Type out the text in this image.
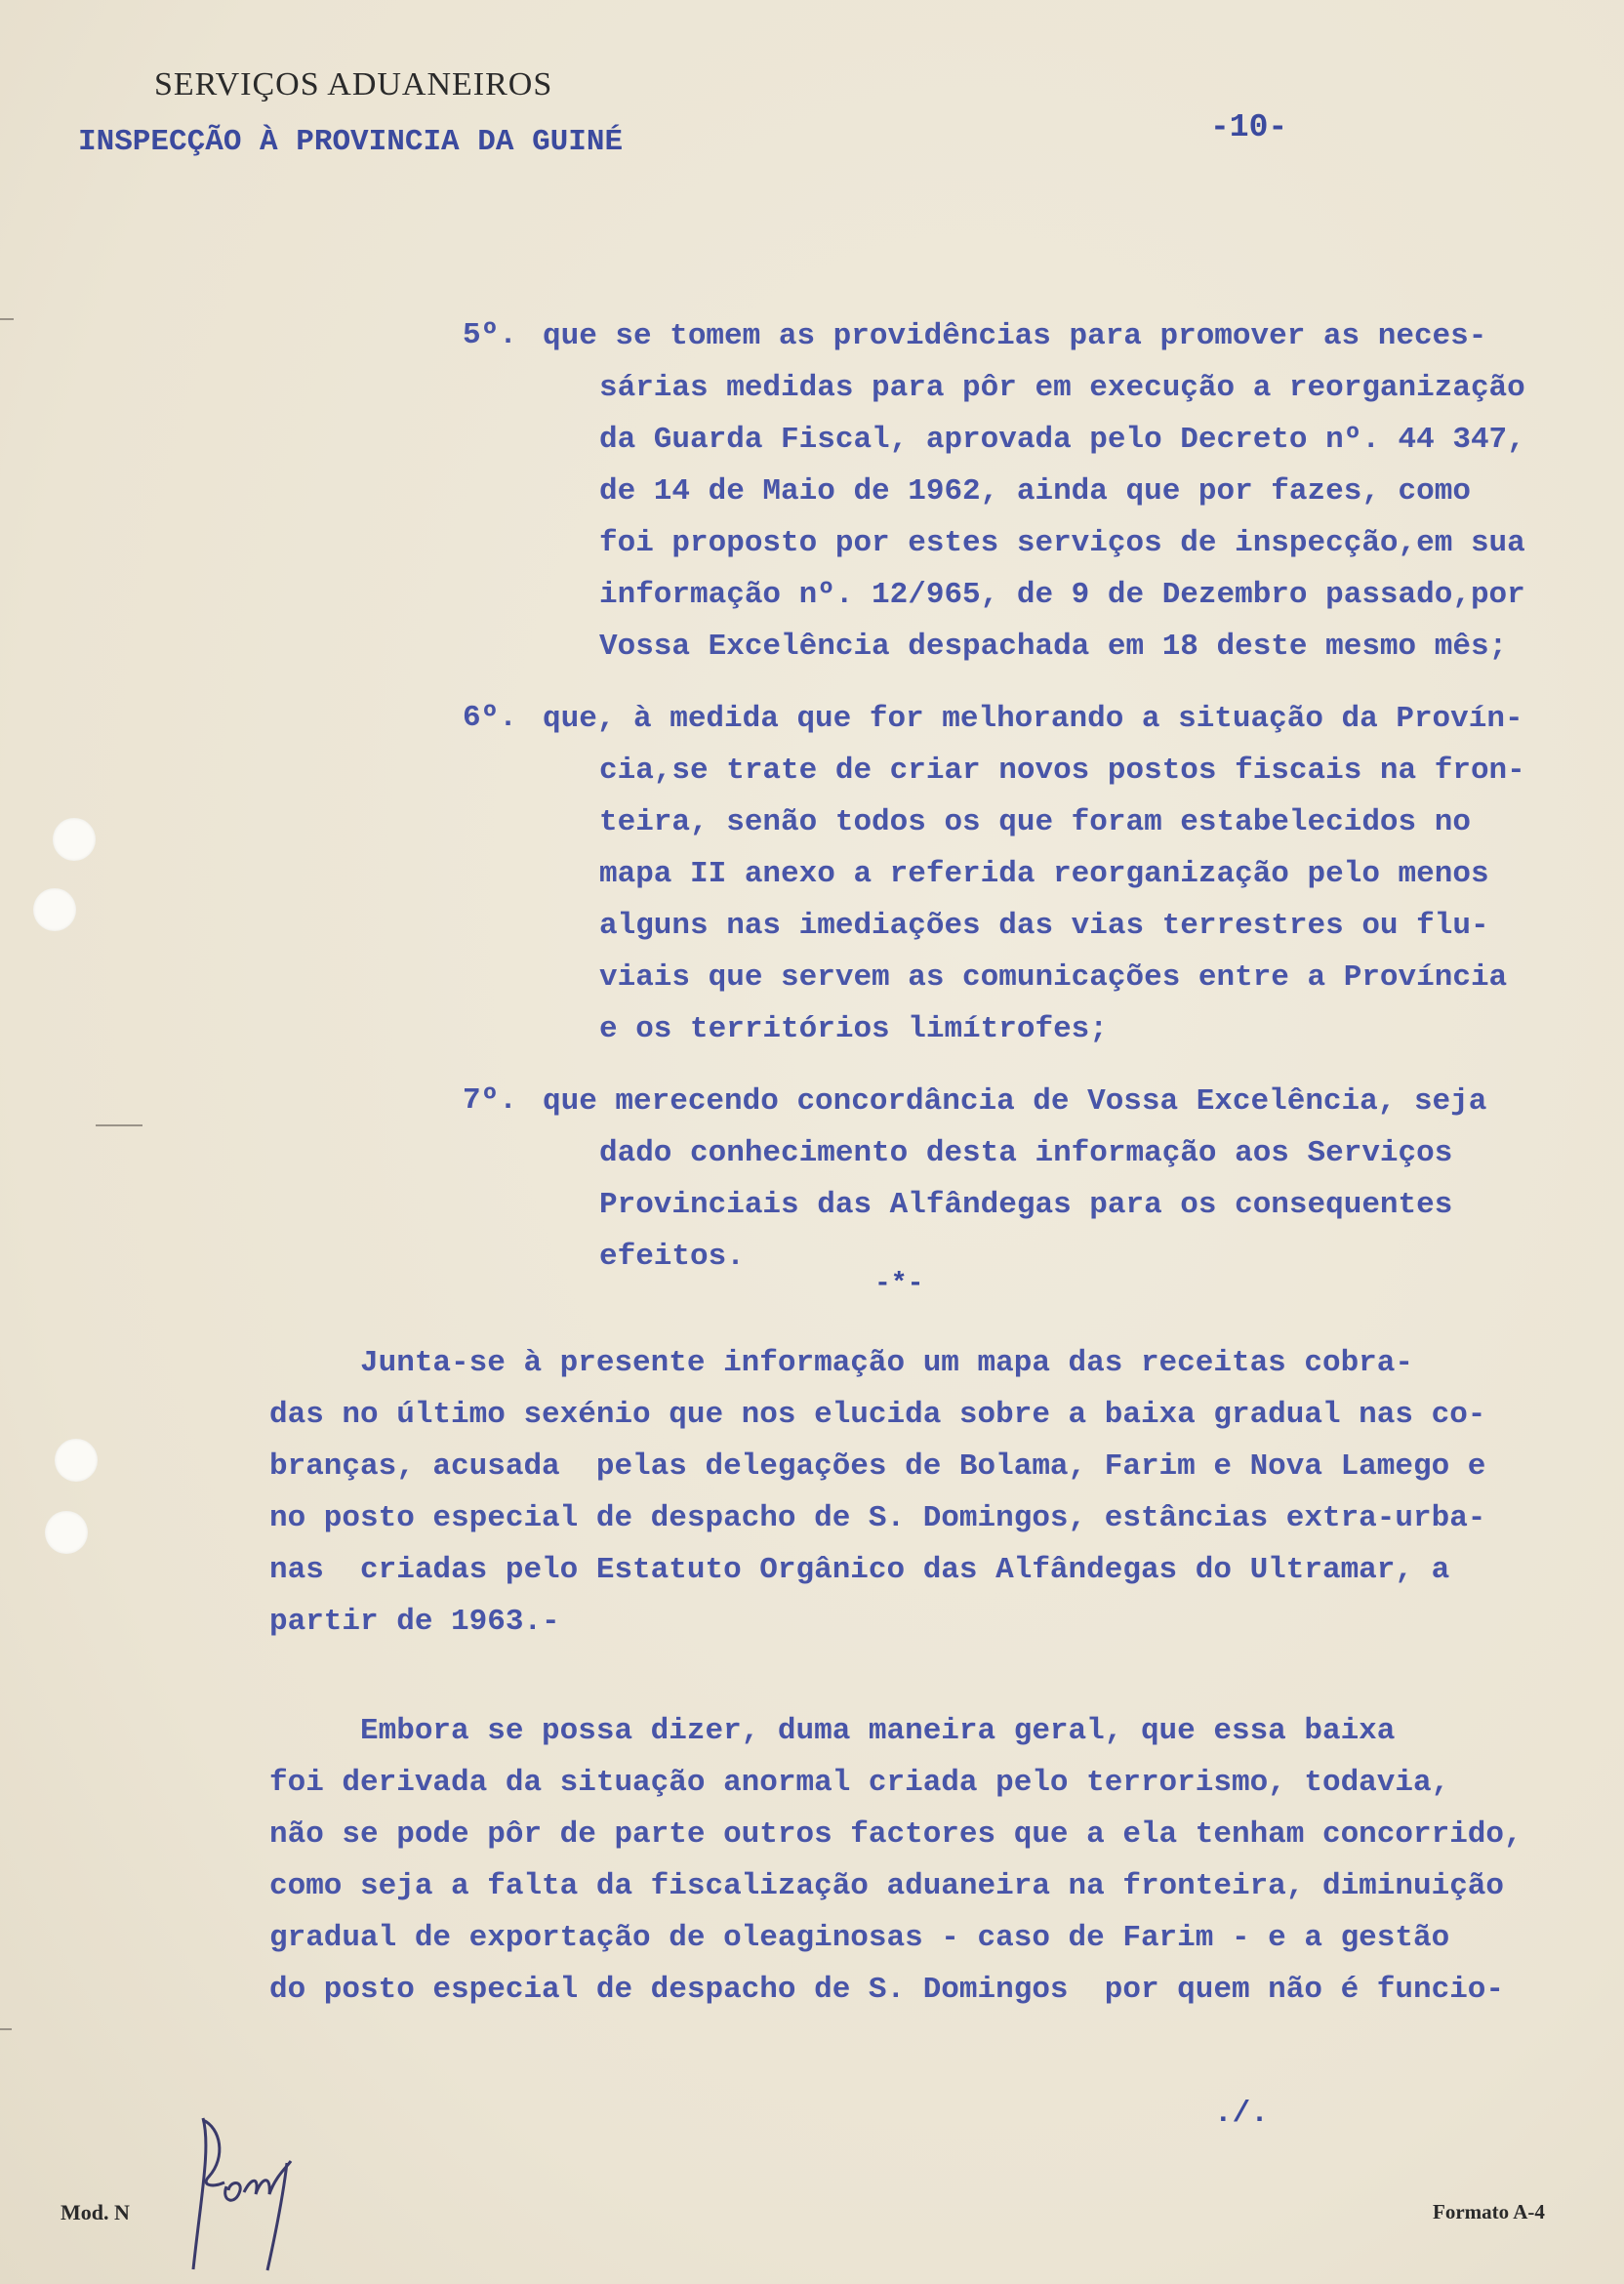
SERVIÇOS ADUANEIROS
INSPECÇÃO À PROVINCIA DA GUINÉ	-10-
5º. que se tomem as providências para promover as neces-
sárias medidas para pôr em execução a reorganização
da Guarda Fiscal, aprovada pelo Decreto nº. 44 347,
de 14 de Maio de 1962, ainda que por fazes, como
foi proposto por estes serviços de inspecção,em sua
informação nº. 12/965, de 9 de Dezembro passado,por
Vossa Excelência despachada em 18 deste mesmo mês;
6º. que, à medida que for melhorando a situação da Provín-
cia,se trate de criar novos postos fiscais na fron-
teira, senão todos os que foram estabelecidos no
mapa II anexo a referida reorganização pelo menos
alguns nas imediações das vias terrestres ou flu-
viais que servem as comunicações entre a Província
e os territórios limítrofes;
7º. que merecendo concordância de Vossa Excelência, seja
dado conhecimento desta informação aos Serviços
Provinciais das Alfândegas para os consequentes
efeitos.
-*-
Junta-se à presente informação um mapa das receitas cobra-
das no último sexénio que nos elucida sobre a baixa gradual nas co-
branças, acusada  pelas delegações de Bolama, Farim e Nova Lamego e
no posto especial de despacho de S. Domingos, estâncias extra-urba-
nas  criadas pelo Estatuto Orgânico das Alfândegas do Ultramar, a
partir de 1963.-
Embora se possa dizer, duma maneira geral, que essa baixa
foi derivada da situação anormal criada pelo terrorismo, todavia,
não se pode pôr de parte outros factores que a ela tenham concorrido,
como seja a falta da fiscalização aduaneira na fronteira, diminuição
gradual de exportação de oleaginosas - caso de Farim - e a gestão
do posto especial de despacho de S. Domingos  por quem não é funcio-
./.
Mod. N	Formato A-4
